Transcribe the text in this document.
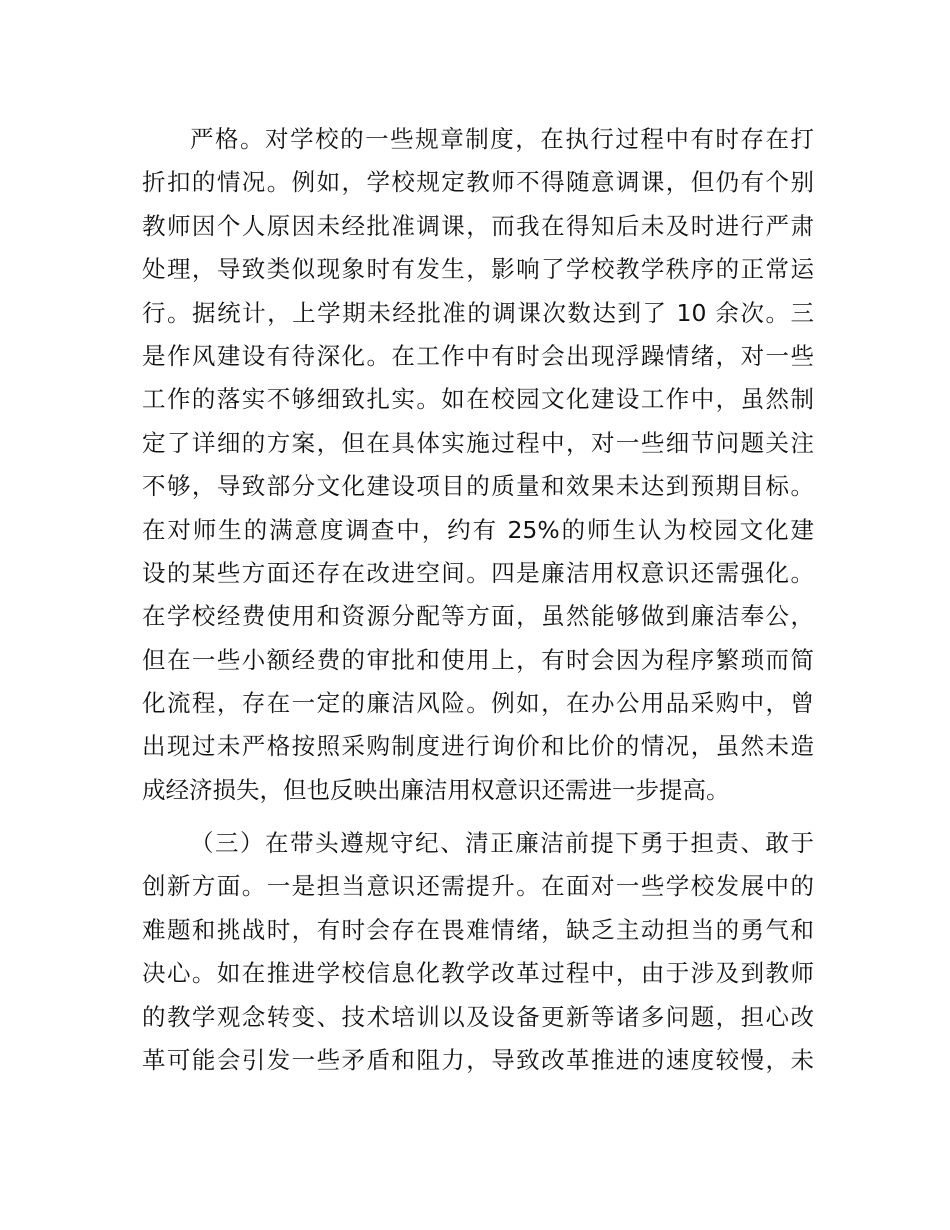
严格。对学校的一些规章制度，在执行过程中有时存在打
折扣的情况。例如，学校规定教师不得随意调课，但仍有个别
教师因个人原因未经批准调课，而我在得知后未及时进行严肃
处理，导致类似现象时有发生，影响了学校教学秩序的正常运
行。据统计，上学期未经批准的调课次数达到了 10 余次。三
是作风建设有待深化。在工作中有时会出现浮躁情绪，对一些
工作的落实不够细致扎实。如在校园文化建设工作中，虽然制
定了详细的方案，但在具体实施过程中，对一些细节问题关注
不够，导致部分文化建设项目的质量和效果未达到预期目标。
在对师生的满意度调查中，约有 25%的师生认为校园文化建
设的某些方面还存在改进空间。四是廉洁用权意识还需强化。
在学校经费使用和资源分配等方面，虽然能够做到廉洁奉公，
但在一些小额经费的审批和使用上，有时会因为程序繁琐而简
化流程，存在一定的廉洁风险。例如，在办公用品采购中，曾
出现过未严格按照采购制度进行询价和比价的情况，虽然未造
成经济损失，但也反映出廉洁用权意识还需进一步提高。
（三）在带头遵规守纪、清正廉洁前提下勇于担责、敢于
创新方面。一是担当意识还需提升。在面对一些学校发展中的
难题和挑战时，有时会存在畏难情绪，缺乏主动担当的勇气和
决心。如在推进学校信息化教学改革过程中，由于涉及到教师
的教学观念转变、技术培训以及设备更新等诸多问题，担心改
革可能会引发一些矛盾和阻力，导致改革推进的速度较慢，未
